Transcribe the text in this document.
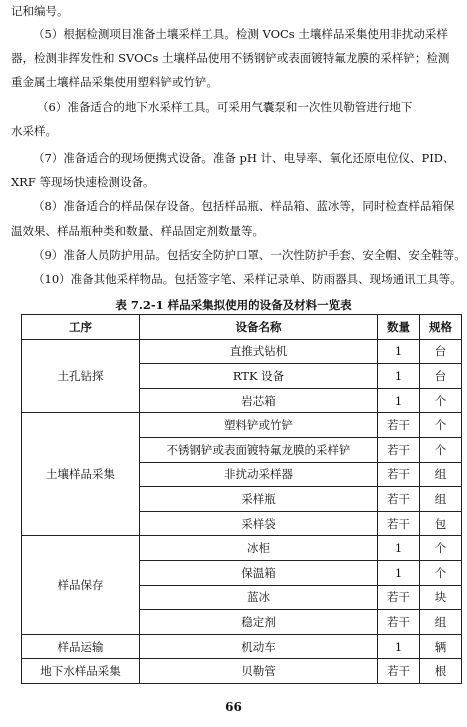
记和编号。
（5）根据检测项目准备土壤采样工具。检测 VOCs 土壤样品采集使用非扰动采样
器，检测非挥发性和 SVOCs 土壤样品使用不锈钢铲或表面镀特氟龙膜的采样铲；检测
重金属土壤样品采集使用塑料铲或竹铲。
（6）准备适合的地下水采样工具。可采用气囊泵和一次性贝勒管进行地下
水采样。
（7）准备适合的现场便携式设备。准备 pH 计、电导率、氧化还原电位仪、PID、
XRF 等现场快速检测设备。
（8）准备适合的样品保存设备。包括样品瓶、样品箱、蓝冰等，同时检查样品箱保
温效果、样品瓶种类和数量、样品固定剂数量等。
（9）准备人员防护用品。包括安全防护口罩、一次性防护手套、安全帽、安全鞋等。
（10）准备其他采样物品。包括签字笔、采样记录单、防雨器具、现场通讯工具等。
表 7.2-1 样品采集拟使用的设备及材料一览表
工序	设备名称	数量	规格
土孔钻探	直推式钻机	1	台
	RTK 设备	1	台
	岩芯箱	1	个
土壤样品采集	塑料铲或竹铲	若干	个
	不锈钢铲或表面镀特氟龙膜的采样铲	若干	个
	非扰动采样器	若干	组
	采样瓶	若干	组
	采样袋	若干	包
样品保存	冰柜	1	个
	保温箱	1	个
	蓝冰	若干	块
	稳定剂	若干	组
样品运输	机动车	1	辆
地下水样品采集	贝勒管	若干	根
66
